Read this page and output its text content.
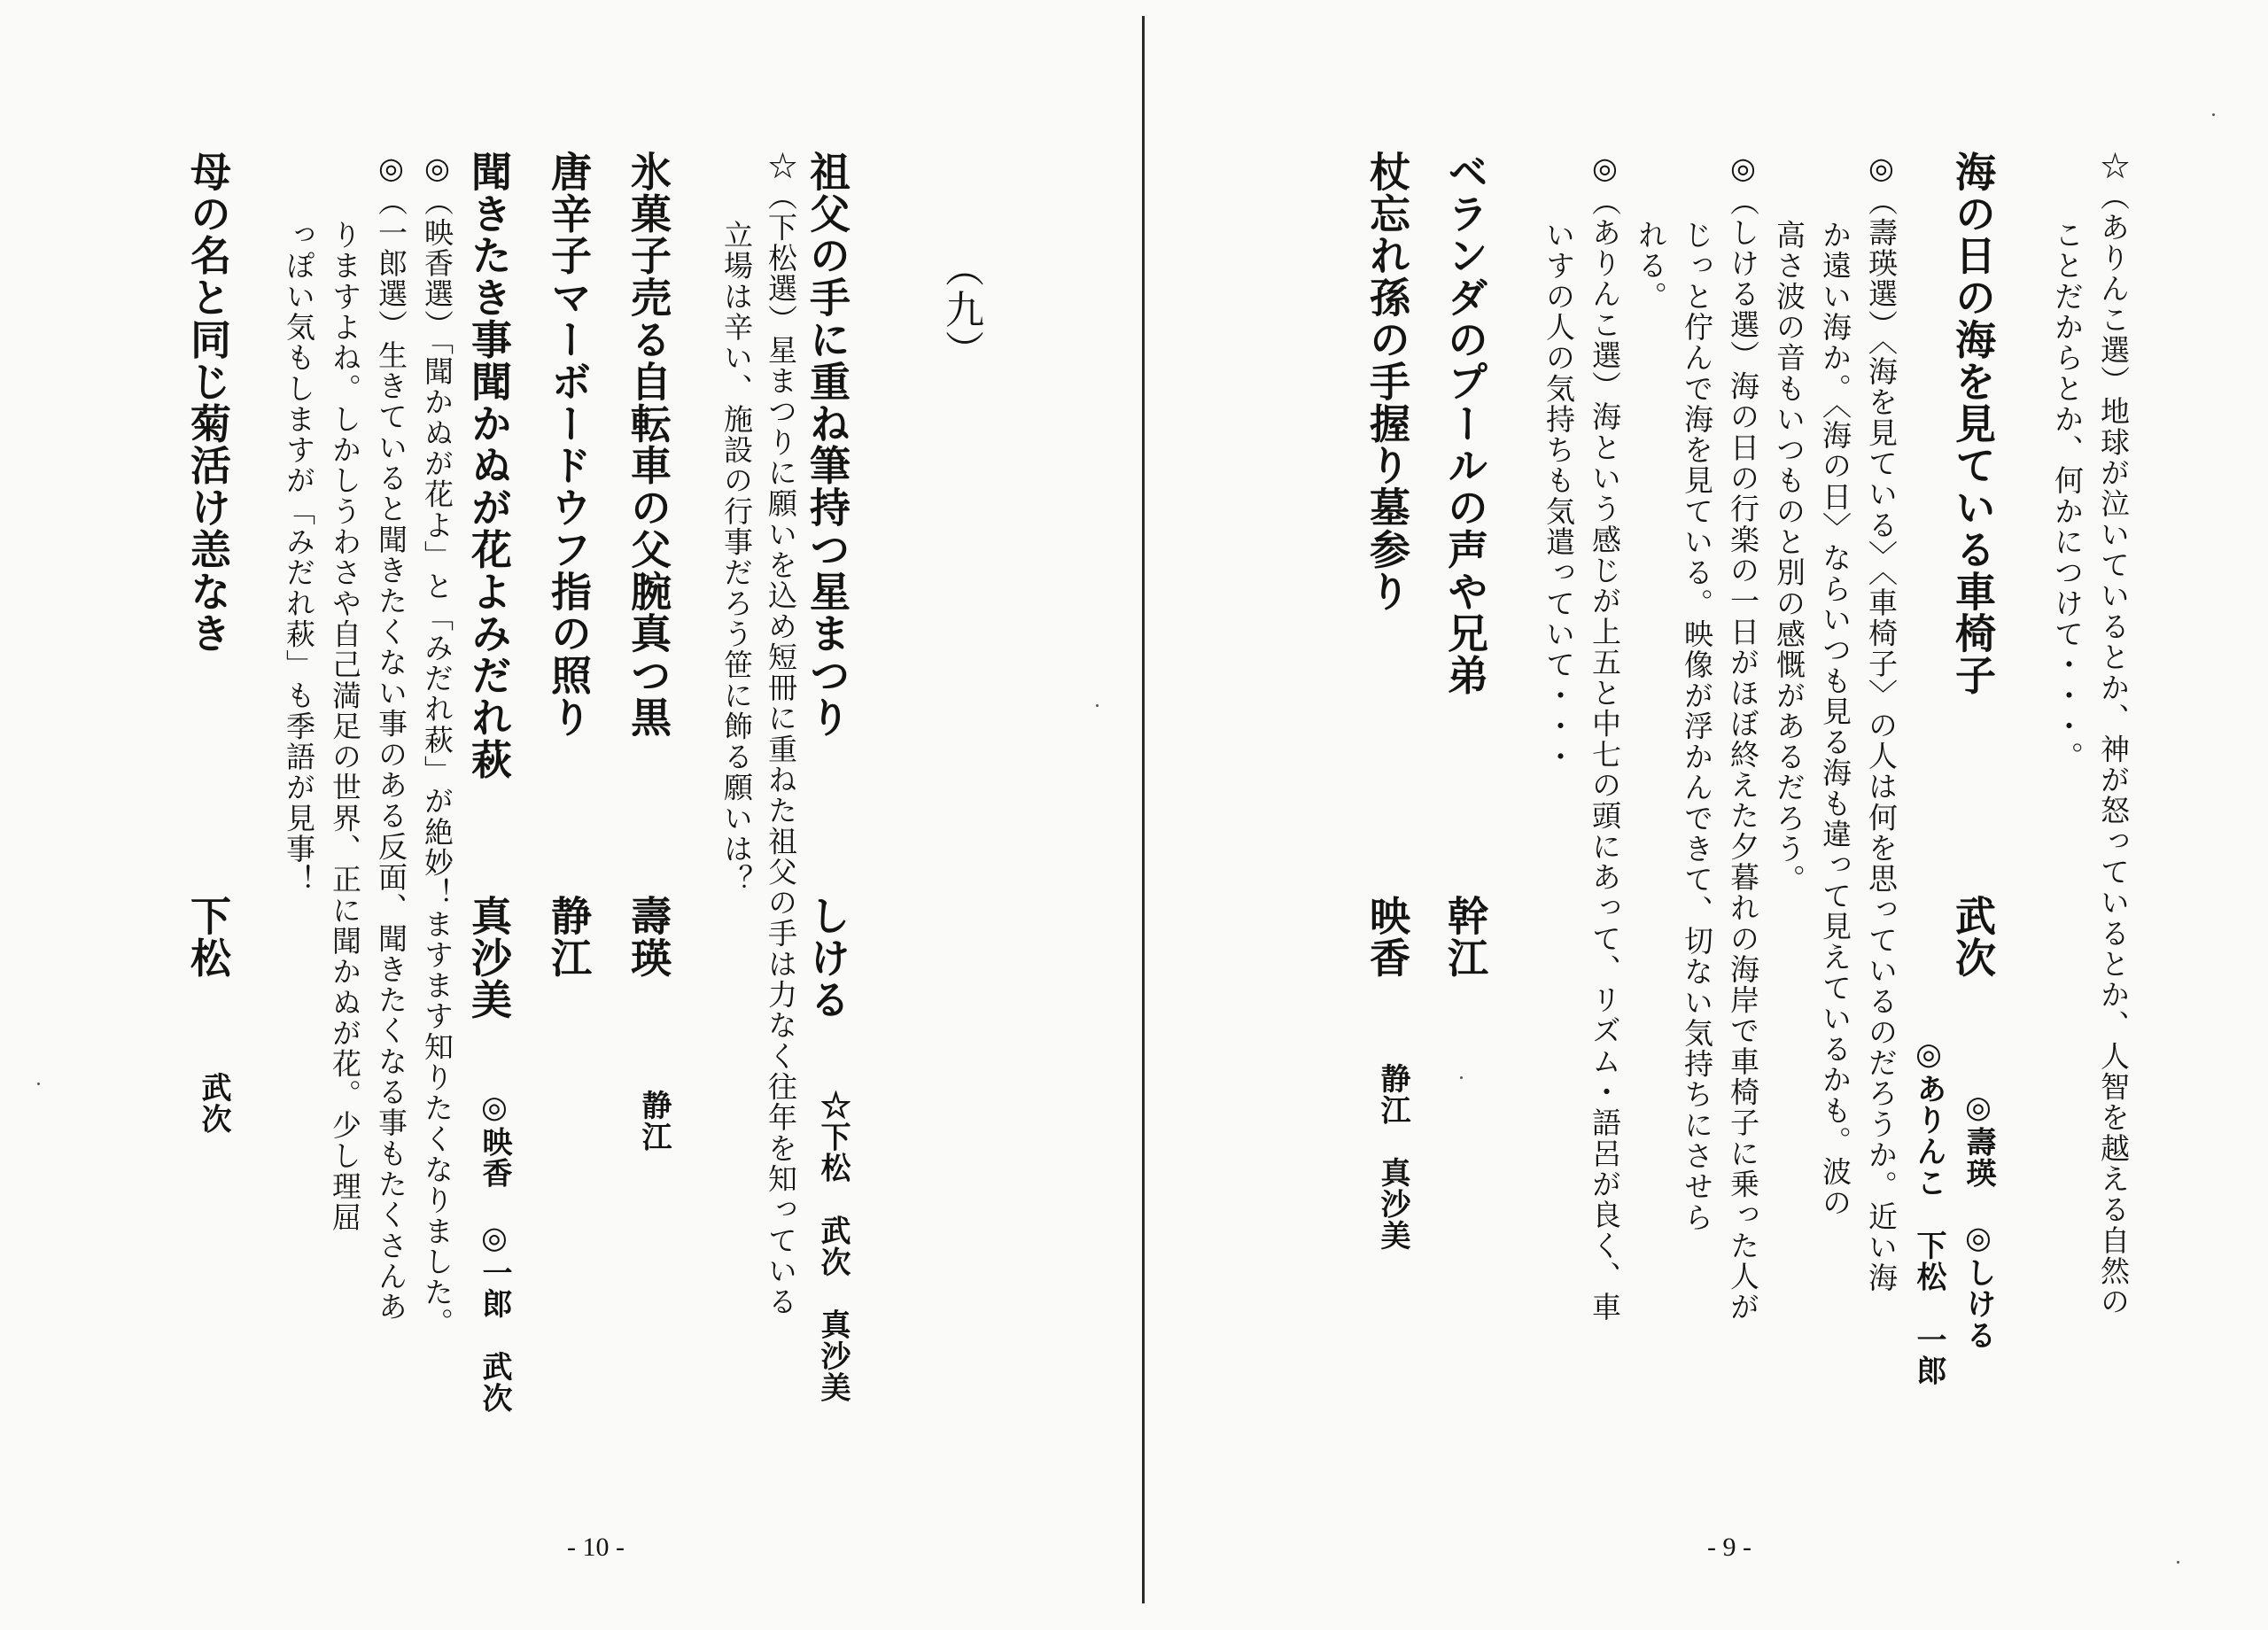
（九）
祖父の手に重ね筆持つ星まつり
しける
☆下松　武次　真沙美
☆（下松選）星まつりに願いを込め短冊に重ねた祖父の手は力なく往年を知っている
立場は辛い、施設の行事だろう笹に飾る願いは？
氷菓子売る自転車の父腕真つ黒
壽瑛
静江
唐辛子マーボードウフ指の照り
静江
聞きたき事聞かぬが花よみだれ萩
真沙美
◎映香　◎一郎　武次
◎（映香選）「聞かぬが花よ」と「みだれ萩」が絶妙！ますます知りたくなりました。
◎（一郎選）生きていると聞きたくない事のある反面、聞きたくなる事もたくさんあ
りますよね。しかしうわさや自己満足の世界、正に聞かぬが花。少し理屈
っぽい気もしますが「みだれ萩」も季語が見事！
母の名と同じ菊活け恙なき
下松
武次
- 10 -
☆（ありんこ選）地球が泣いているとか、神が怒っているとか、人智を越える自然の
ことだからとか、何かにつけて・・・。
海の日の海を見ている車椅子
武次
◎壽瑛　◎しける
◎ありんこ　下松　一郎
◎（壽瑛選）〈海を見ている〉〈車椅子〉の人は何を思っているのだろうか。近い海
か遠い海か。〈海の日〉ならいつも見る海も違って見えているかも。波の
高さ波の音もいつものと別の感慨があるだろう。
◎（しける選）海の日の行楽の一日がほぼ終えた夕暮れの海岸で車椅子に乗った人が
じっと佇んで海を見ている。映像が浮かんできて、切ない気持ちにさせら
れる。
◎（ありんこ選）海という感じが上五と中七の頭にあって、リズム・語呂が良く、車
いすの人の気持ちも気遣っていて・・・
ベランダのプールの声や兄弟
幹江
杖忘れ孫の手握り墓参り
映香
静江　真沙美
- 9 -
